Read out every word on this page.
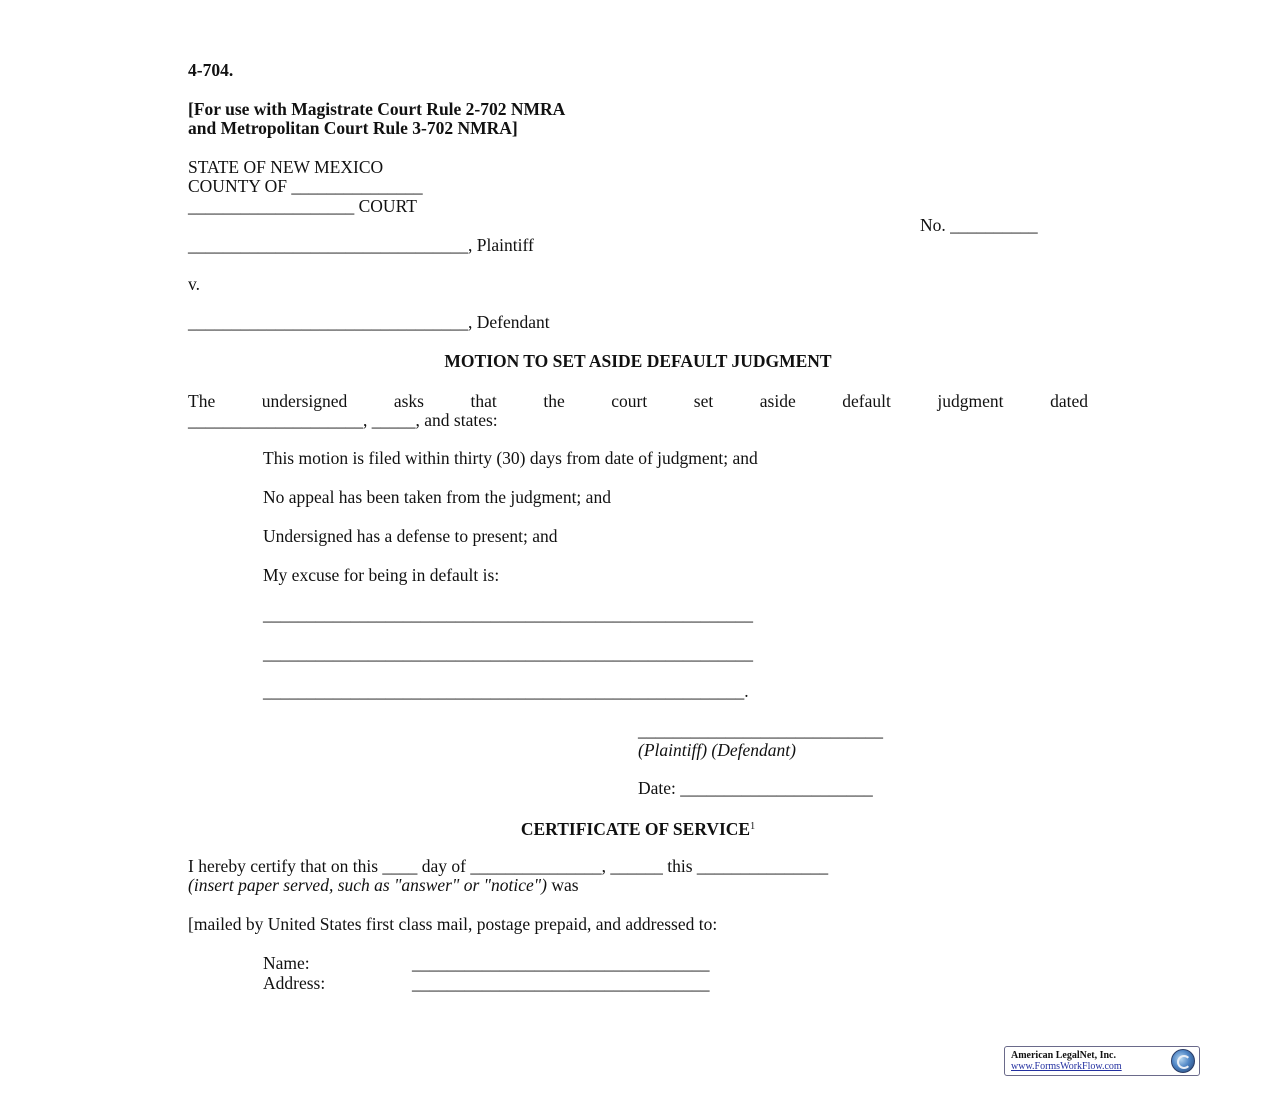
4-704.
[For use with Magistrate Court Rule 2-702 NMRA
and Metropolitan Court Rule 3-702 NMRA]
STATE OF NEW MEXICO
COUNTY OF _______________
___________________ COURT
No. __________
________________________________, Plaintiff
v.
________________________________, Defendant
MOTION TO SET ASIDE DEFAULT JUDGMENT
The undersigned asks that the court set aside default judgment dated
____________________, _____, and states:
This motion is filed within thirty (30) days from date of judgment; and
No appeal has been taken from the judgment; and
Undersigned has a defense to present; and
My excuse for being in default is:
________________________________________________________
________________________________________________________
_______________________________________________________.
____________________________
(Plaintiff) (Defendant)
Date: ______________________
CERTIFICATE OF SERVICE$^1$
I hereby certify that on this ____ day of _______________, ______ this _______________
(insert paper served, such as "answer" or "notice") was
[mailed by United States first class mail, postage prepaid, and addressed to:
Name:	__________________________________
Address:	__________________________________
American LegalNet, Inc.
www.FormsWorkFlow.com
